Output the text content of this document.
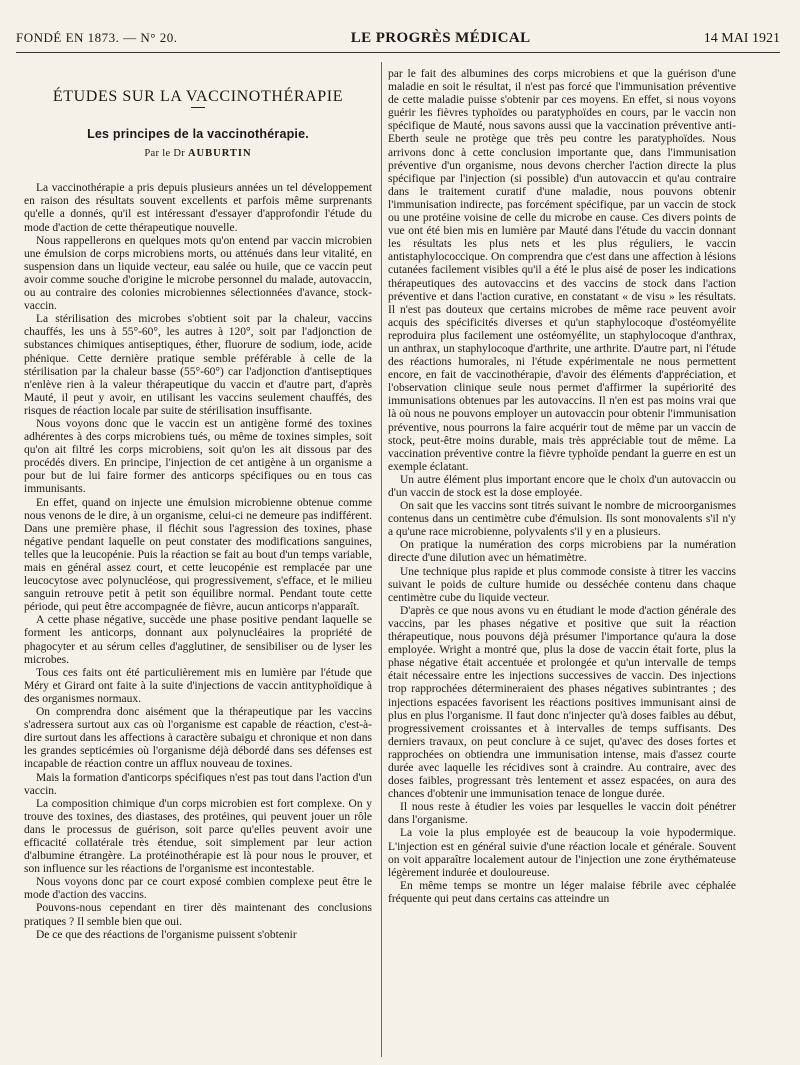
FONDÉ EN 1873. — N° 20.	LE PROGRÈS MÉDICAL	14 MAI 1921
ÉTUDES SUR LA VACCINOTHÉRAPIE
Les principes de la vaccinothérapie.
Par le Dr AUBURTIN

La vaccinothérapie a pris depuis plusieurs années un tel développement en raison des résultats souvent excellents et parfois même surprenants qu'elle a donnés, qu'il est intéressant d'essayer d'approfondir l'étude du mode d'action de cette thérapeutique nouvelle.

Nous rappellerons en quelques mots qu'on entend par vaccin microbien une émulsion de corps microbiens morts, ou atténués dans leur vitalité, en suspension dans un liquide vecteur, eau salée ou huile, que ce vaccin peut avoir comme souche d'origine le microbe personnel du malade, autovaccin, ou au contraire des colonies microbiennes sélectionnées d'avance, stock-vaccin.

La stérilisation des microbes s'obtient soit par la chaleur, vaccins chauffés, les uns à 55°-60°, les autres à 120°, soit par l'adjonction de substances chimiques antiseptiques, éther, fluorure de sodium, iode, acide phénique. Cette dernière pratique semble préférable à celle de la stérilisation par la chaleur basse (55°-60°) car l'adjonction d'antiseptiques n'enlève rien à la valeur thérapeutique du vaccin et d'autre part, d'après Mauté, il peut y avoir, en utilisant les vaccins seulement chauffés, des risques de réaction locale par suite de stérilisation insuffisante.

Nous voyons donc que le vaccin est un antigène formé des toxines adhérentes à des corps microbiens tués, ou même de toxines simples, soit qu'on ait filtré les corps microbiens, soit qu'on les ait dissous par des procédés divers. En principe, l'injection de cet antigène à un organisme a pour but de lui faire former des anticorps spécifiques ou en tous cas immunisants.

En effet, quand on injecte une émulsion microbienne obtenue comme nous venons de le dire, à un organisme, celui-ci ne demeure pas indifférent. Dans une première phase, il fléchit sous l'agression des toxines, phase négative pendant laquelle on peut constater des modifications sanguines, telles que la leucopénie. Puis la réaction se fait au bout d'un temps variable, mais en général assez court, et cette leucopénie est remplacée par une leucocytose avec polynucléose, qui progressivement, s'efface, et le milieu sanguin retrouve petit à petit son équilibre normal. Pendant toute cette période, qui peut être accompagnée de fièvre, aucun anticorps n'apparaît.

A cette phase négative, succède une phase positive pendant laquelle se forment les anticorps, donnant aux polynucléaires la propriété de phagocyter et au sérum celles d'agglutiner, de sensibiliser ou de lyser les microbes.

Tous ces faits ont été particulièrement mis en lumière par l'étude que Méry et Girard ont faite à la suite d'injections de vaccin antityphoïdique à des organismes normaux.

On comprendra donc aisément que la thérapeutique par les vaccins s'adressera surtout aux cas où l'organisme est capable de réaction, c'est-à-dire surtout dans les affections à caractère subaigu et chronique et non dans les grandes septicémies où l'organisme déjà débordé dans ses défenses est incapable de réaction contre un afflux nouveau de toxines.

Mais la formation d'anticorps spécifiques n'est pas tout dans l'action d'un vaccin.

La composition chimique d'un corps microbien est fort complexe. On y trouve des toxines, des diastases, des protéines, qui peuvent jouer un rôle dans le processus de guérison, soit parce qu'elles peuvent avoir une efficacité collatérale très étendue, soit simplement par leur action d'albumine étrangère. La protéinothérapie est là pour nous le prouver, et son influence sur les réactions de l'organisme est incontestable.

Nous voyons donc par ce court exposé combien complexe peut être le mode d'action des vaccins.

Pouvons-nous cependant en tirer dès maintenant des conclusions pratiques ? Il semble bien que oui.

De ce que des réactions de l'organisme puissent s'obtenir

par le fait des albumines des corps microbiens et que la guérison d'une maladie en soit le résultat, il n'est pas forcé que l'immunisation préventive de cette maladie puisse s'obtenir par ces moyens. En effet, si nous voyons guérir les fièvres typhoïdes ou paratyphoïdes en cours, par le vaccin non spécifique de Mauté, nous savons aussi que la vaccination préventive anti-Eberth seule ne protège que très peu contre les paratyphoïdes. Nous arrivons donc à cette conclusion importante que, dans l'immunisation préventive d'un organisme, nous devons chercher l'action directe la plus spécifique par l'injection (si possible) d'un autovaccin et qu'au contraire dans le traitement curatif d'une maladie, nous pouvons obtenir l'immunisation indirecte, pas forcément spécifique, par un vaccin de stock ou une protéine voisine de celle du microbe en cause. Ces divers points de vue ont été bien mis en lumière par Mauté dans l'étude du vaccin donnant les résultats les plus nets et les plus réguliers, le vaccin antistaphylococcique. On comprendra que c'est dans une affection à lésions cutanées facilement visibles qu'il a été le plus aisé de poser les indications thérapeutiques des autovaccins et des vaccins de stock dans l'action préventive et dans l'action curative, en constatant « de visu » les résultats. Il n'est pas douteux que certains microbes de même race peuvent avoir acquis des spécificités diverses et qu'un staphylocoque d'ostéomyélite reproduira plus facilement une ostéomyélite, un staphylocoque d'anthrax, un anthrax, un staphylocoque d'arthrite, une arthrite. D'autre part, ni l'étude des réactions humorales, ni l'étude expérimentale ne nous permettent encore, en fait de vaccinothérapie, d'avoir des éléments d'appréciation, et l'observation clinique seule nous permet d'affirmer la supériorité des immunisations obtenues par les autovaccins. Il n'en est pas moins vrai que là où nous ne pouvons employer un autovaccin pour obtenir l'immunisation préventive, nous pourrons la faire acquérir tout de même par un vaccin de stock, peut-être moins durable, mais très appréciable tout de même. La vaccination préventive contre la fièvre typhoïde pendant la guerre en est un exemple éclatant.

Un autre élément plus important encore que le choix d'un autovaccin ou d'un vaccin de stock est la dose employée.

On sait que les vaccins sont titrés suivant le nombre de microorganismes contenus dans un centimètre cube d'émulsion. Ils sont monovalents s'il n'y a qu'une race microbienne, polyvalents s'il y en a plusieurs.

On pratique la numération des corps microbiens par la numération directe d'une dilution avec un hématimètre.

Une technique plus rapide et plus commode consiste à titrer les vaccins suivant le poids de culture humide ou desséchée contenu dans chaque centimètre cube du liquide vecteur.

D'après ce que nous avons vu en étudiant le mode d'action générale des vaccins, par les phases négative et positive que suit la réaction thérapeutique, nous pouvons déjà présumer l'importance qu'aura la dose employée. Wright a montré que, plus la dose de vaccin était forte, plus la phase négative était accentuée et prolongée et qu'un intervalle de temps était nécessaire entre les injections successives de vaccin. Des injections trop rapprochées détermineraient des phases négatives subintrantes ; des injections espacées favorisent les réactions positives immunisant ainsi de plus en plus l'organisme. Il faut donc n'injecter qu'à doses faibles au début, progressivement croissantes et à intervalles de temps suffisants. Des derniers travaux, on peut conclure à ce sujet, qu'avec des doses fortes et rapprochées on obtiendra une immunisation intense, mais d'assez courte durée avec laquelle les récidives sont à craindre. Au contraire, avec des doses faibles, progressant très lentement et assez espacées, on aura des chances d'obtenir une immunisation tenace de longue durée.

Il nous reste à étudier les voies par lesquelles le vaccin doit pénétrer dans l'organisme.

La voie la plus employée est de beaucoup la voie hypodermique. L'injection est en général suivie d'une réaction locale et générale. Souvent on voit apparaître localement autour de l'injection une zone érythémateuse légèrement indurée et douloureuse.

En même temps se montre un léger malaise fébrile avec céphalée fréquente qui peut dans certains cas atteindre un
